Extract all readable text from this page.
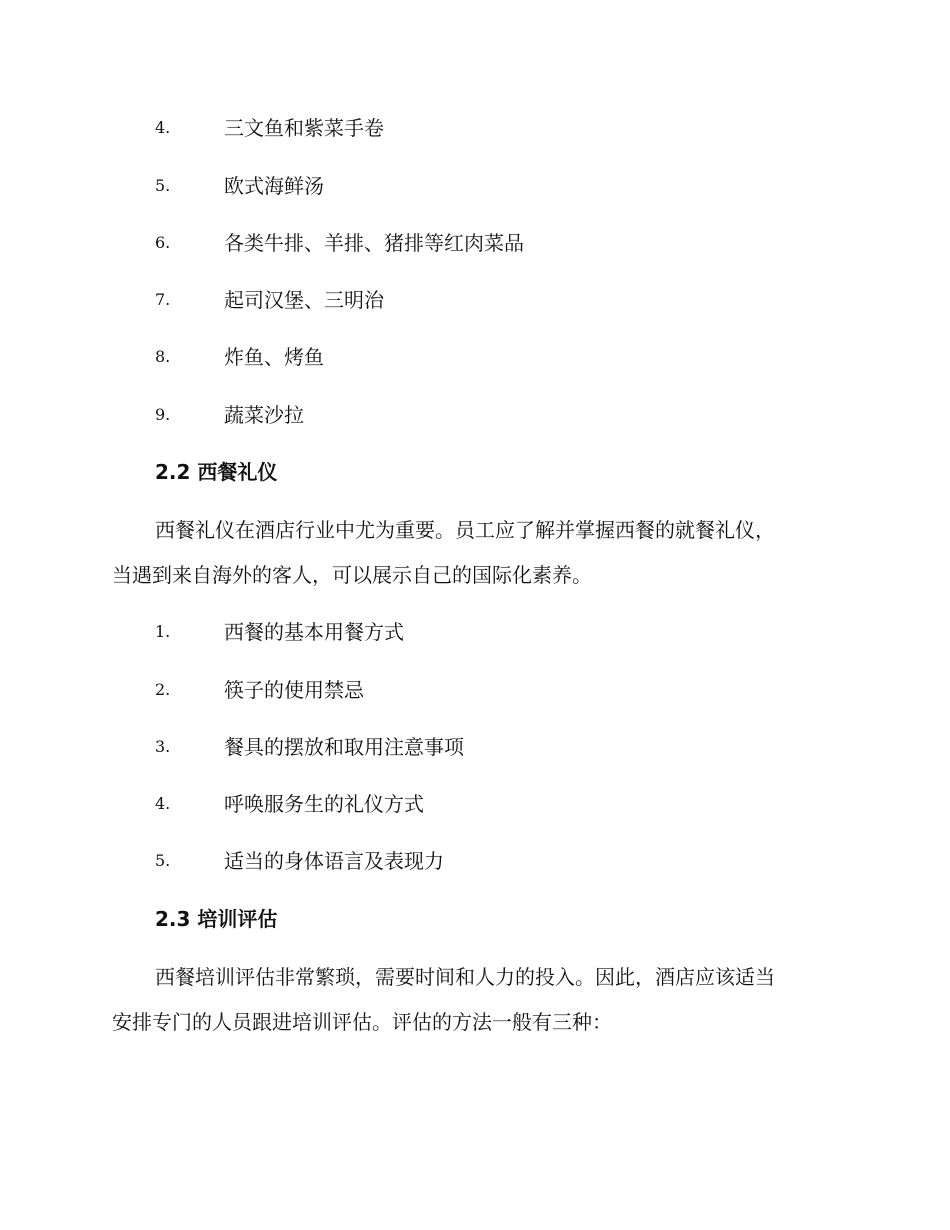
4.	三文鱼和紫菜手卷
5.	欧式海鲜汤
6.	各类牛排、羊排、猪排等红肉菜品
7.	起司汉堡、三明治
8.	炸鱼、烤鱼
9.	蔬菜沙拉
2.2 西餐礼仪
西餐礼仪在酒店行业中尤为重要。员工应了解并掌握西餐的就餐礼仪，
当遇到来自海外的客人，可以展示自己的国际化素养。
1.	西餐的基本用餐方式
2.	筷子的使用禁忌
3.	餐具的摆放和取用注意事项
4.	呼唤服务生的礼仪方式
5.	适当的身体语言及表现力
2.3 培训评估
西餐培训评估非常繁琐，需要时间和人力的投入。因此，酒店应该适当
安排专门的人员跟进培训评估。评估的方法一般有三种：
